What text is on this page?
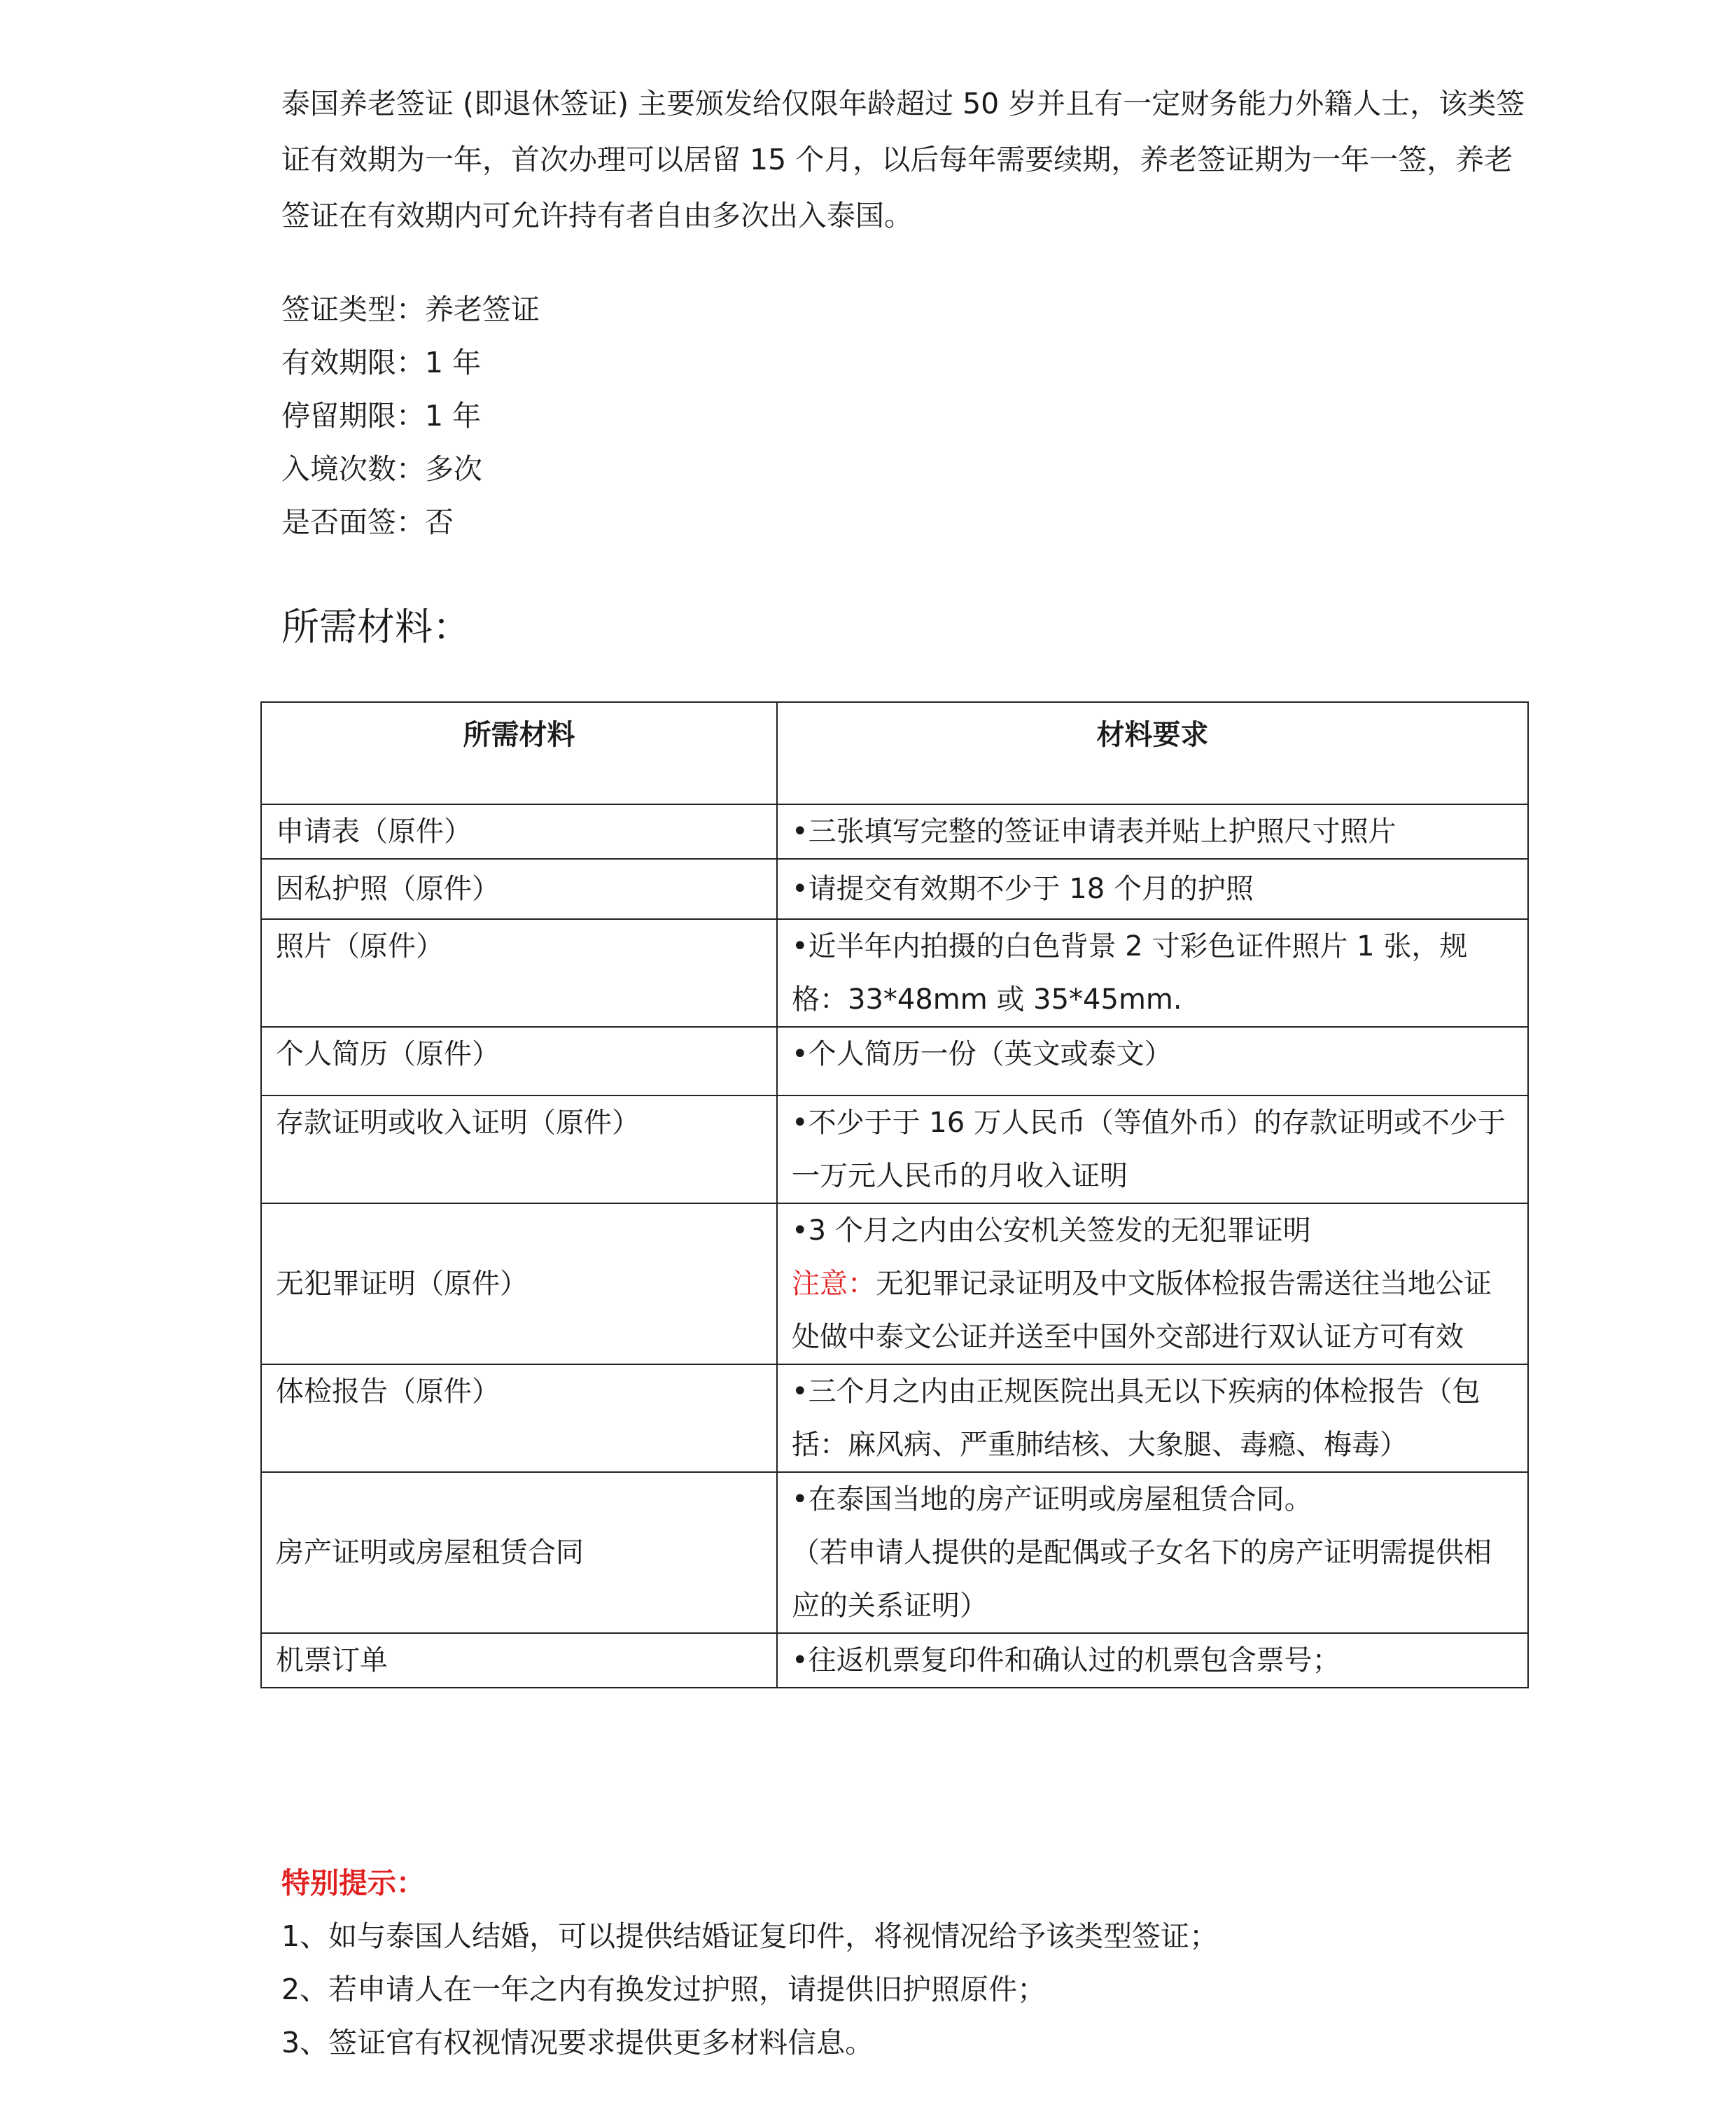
泰国养老签证 (即退休签证) 主要颁发给仅限年龄超过 50 岁并且有一定财务能力外籍人士，该类签证有效期为一年，首次办理可以居留 15 个月，以后每年需要续期，养老签证期为一年一签，养老签证在有效期内可允许持有者自由多次出入泰国。

签证类型：养老签证
有效期限：1 年
停留期限：1 年
入境次数：多次
是否面签：否
所需材料：
所需材料	材料要求
申请表（原件）	•三张填写完整的签证申请表并贴上护照尺寸照片
因私护照（原件）	•请提交有效期不少于 18 个月的护照
照片（原件）	•近半年内拍摄的白色背景 2 寸彩色证件照片 1 张，规格：33*48mm 或 35*45mm.
个人简历（原件）	•个人简历一份（英文或泰文）
存款证明或收入证明（原件）	•不少于于 16 万人民币（等值外币）的存款证明或不少于一万元人民币的月收入证明
无犯罪证明（原件）	•3 个月之内由公安机关签发的无犯罪证明
注意：无犯罪记录证明及中文版体检报告需送往当地公证处做中泰文公证并送至中国外交部进行双认证方可有效

体检报告（原件）	•三个月之内由正规医院出具无以下疾病的体检报告（包括：麻风病、严重肺结核、大象腿、毒瘾、梅毒）
房产证明或房屋租赁合同	•在泰国当地的房产证明或房屋租赁合同。
（若申请人提供的是配偶或子女名下的房产证明需提供相应的关系证明）

机票订单	•往返机票复印件和确认过的机票包含票号；

特别提示：

1、如与泰国人结婚，可以提供结婚证复印件，将视情况给予该类型签证；
2、若申请人在一年之内有换发过护照，请提供旧护照原件；
3、签证官有权视情况要求提供更多材料信息。
